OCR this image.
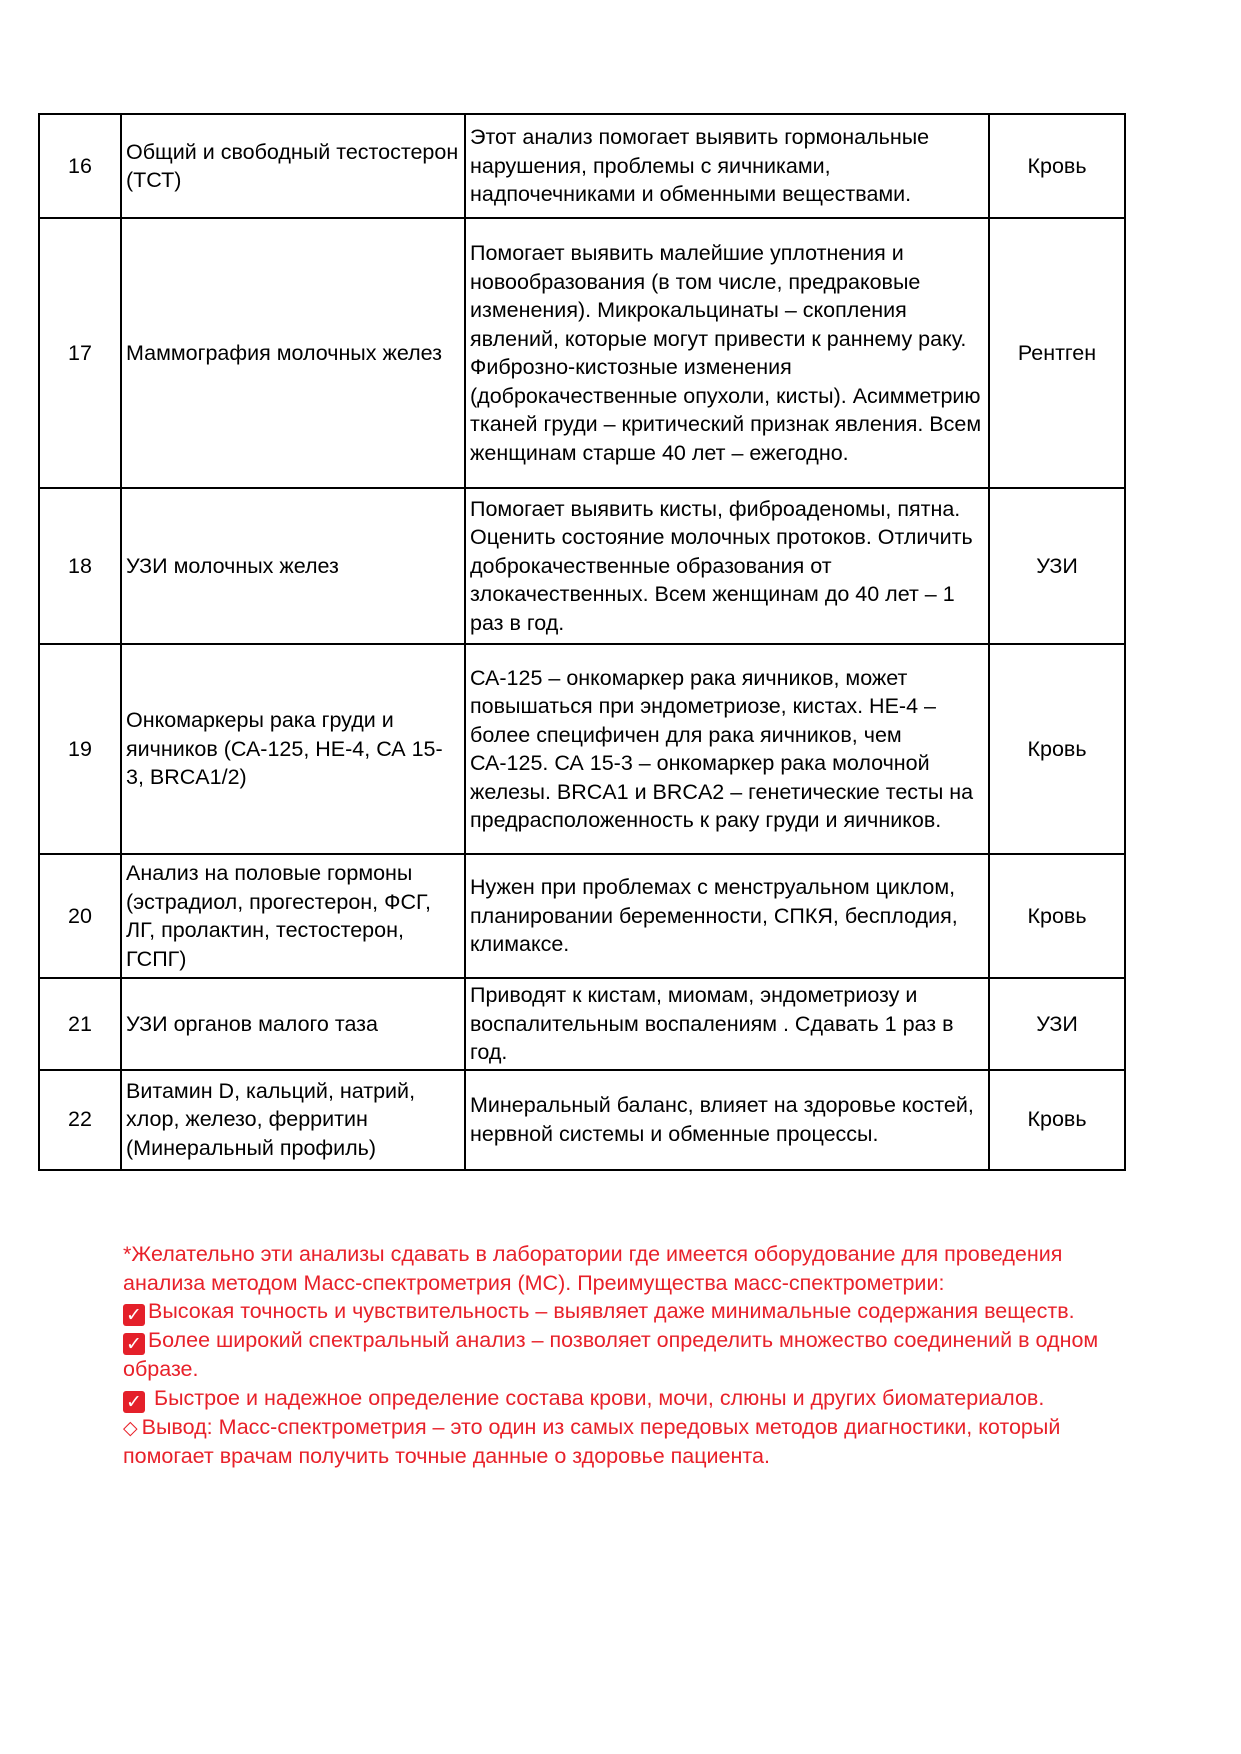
16	Общий и свободный тестостерон (ТСТ)	Этот анализ помогает выявить гормональные нарушения, проблемы с яичниками, надпочечниками и обменными веществами.	Кровь
17	Маммография молочных желез	Помогает выявить малейшие уплотнения и новообразования (в том числе, предраковые изменения). Микрокальцинаты – скопления явлений, которые могут привести к раннему раку. Фиброзно-кистозные изменения (доброкачественные опухоли, кисты). Асимметрию тканей груди – критический признак явления. Всем женщинам старше 40 лет – ежегодно.	Рентген
18	УЗИ молочных желез	Помогает выявить кисты, фиброаденомы, пятна. Оценить состояние молочных протоков. Отличить доброкачественные образования от злокачественных. Всем женщинам до 40 лет – 1 раз в год.	УЗИ
19	Онкомаркеры рака груди и яичников (СА-125, НЕ-4, СА 15-3, BRCA1/2)	СА-125 – онкомаркер рака яичников, может повышаться при эндометриозе, кистах. НЕ-4 – более специфичен для рака яичников, чем СА-125. СА 15-3 – онкомаркер рака молочной железы. BRCA1 и BRCA2 – генетические тесты на предрасположенность к раку груди и яичников.	Кровь
20	Анализ на половые гормоны (эстрадиол, прогестерон, ФСГ, ЛГ, пролактин, тестостерон, ГСПГ)	Нужен при проблемах с менструальном циклом, планировании беременности, СПКЯ, бесплодия, климаксе.	Кровь
21	УЗИ органов малого таза	Приводят к кистам, миомам, эндометриозу и воспалительным воспалениям . Сдавать 1 раз в год.	УЗИ
22	Витамин D, кальций, натрий, хлор, железо, ферритин (Минеральный профиль)	Минеральный баланс, влияет на здоровье костей, нервной системы и обменные процессы.	Кровь

*Желательно эти анализы сдавать в лаборатории где имеется оборудование для проведения анализа методом Масс-спектрометрия (МС). Преимущества масс-спектрометрии:

✓ Высокая точность и чувствительность – выявляет даже минимальные содержания веществ.

✓ Более широкий спектральный анализ – позволяет определить множество соединений в одном образе.

✓ Быстрое и надежное определение состава крови, мочи, слюны и других биоматериалов.

◇ Вывод: Масс-спектрометрия – это один из самых передовых методов диагностики, который помогает врачам получить точные данные о здоровье пациента.
